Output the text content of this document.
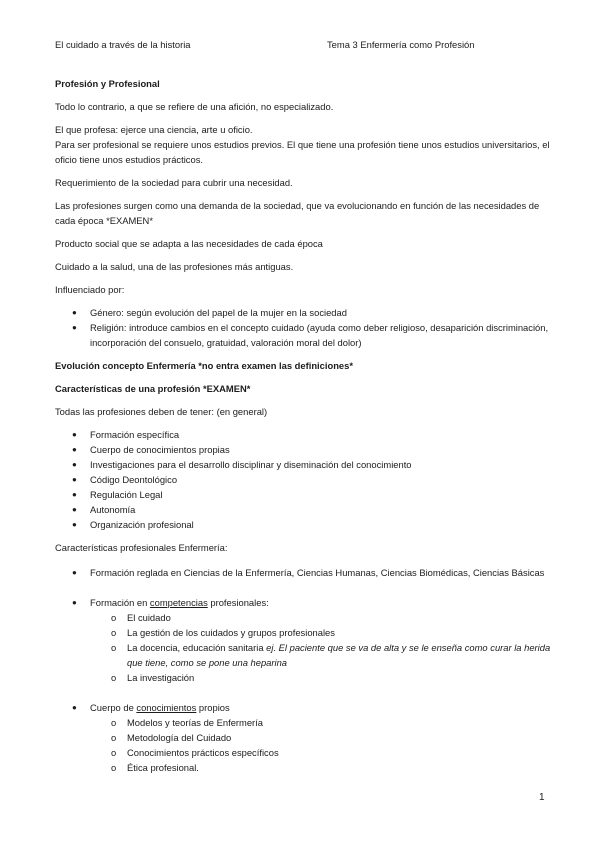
El cuidado a través de la historia	Tema 3 Enfermería como Profesión

Profesión y Profesional

Todo lo contrario, a que se refiere de una afición, no especializado.

El que profesa: ejerce una ciencia, arte u oficio.

Para ser profesional se requiere unos estudios previos. El que tiene una profesión tiene unos estudios universitarios, el oficio tiene unos estudios prácticos.

Requerimiento de la sociedad para cubrir una necesidad.

Las profesiones surgen como una demanda de la sociedad, que va evolucionando en función de las necesidades de cada época *EXAMEN*

Producto social que se adapta a las necesidades de cada época

Cuidado a la salud, una de las profesiones más antiguas.

Influenciado por:

● Género: según evolución del papel de la mujer en la sociedad
● Religión: introduce cambios en el concepto cuidado (ayuda como deber religioso, desaparición discriminación, incorporación del consuelo, gratuidad, valoración moral del dolor)

Evolución concepto Enfermería *no entra examen las definiciones*

Características de una profesión *EXAMEN*

Todas las profesiones deben de tener: (en general)

● Formación específica
● Cuerpo de conocimientos propias
● Investigaciones para el desarrollo disciplinar y diseminación del conocimiento
● Código Deontológico
● Regulación Legal
● Autonomía
● Organización profesional

Características profesionales Enfermería:

● Formación reglada en Ciencias de la Enfermería, Ciencias Humanas, Ciencias Biomédicas, Ciencias Básicas
● Formación en competencias profesionales:
o El cuidado
o La gestión de los cuidados y grupos profesionales
o La docencia, educación sanitaria ej. El paciente que se va de alta y se le enseña como curar la herida que tiene, como se pone una heparina
o La investigación
● Cuerpo de conocimientos propios
o Modelos y teorías de Enfermería
o Metodología del Cuidado
o Conocimientos prácticos específicos
o Ética profesional.
1
